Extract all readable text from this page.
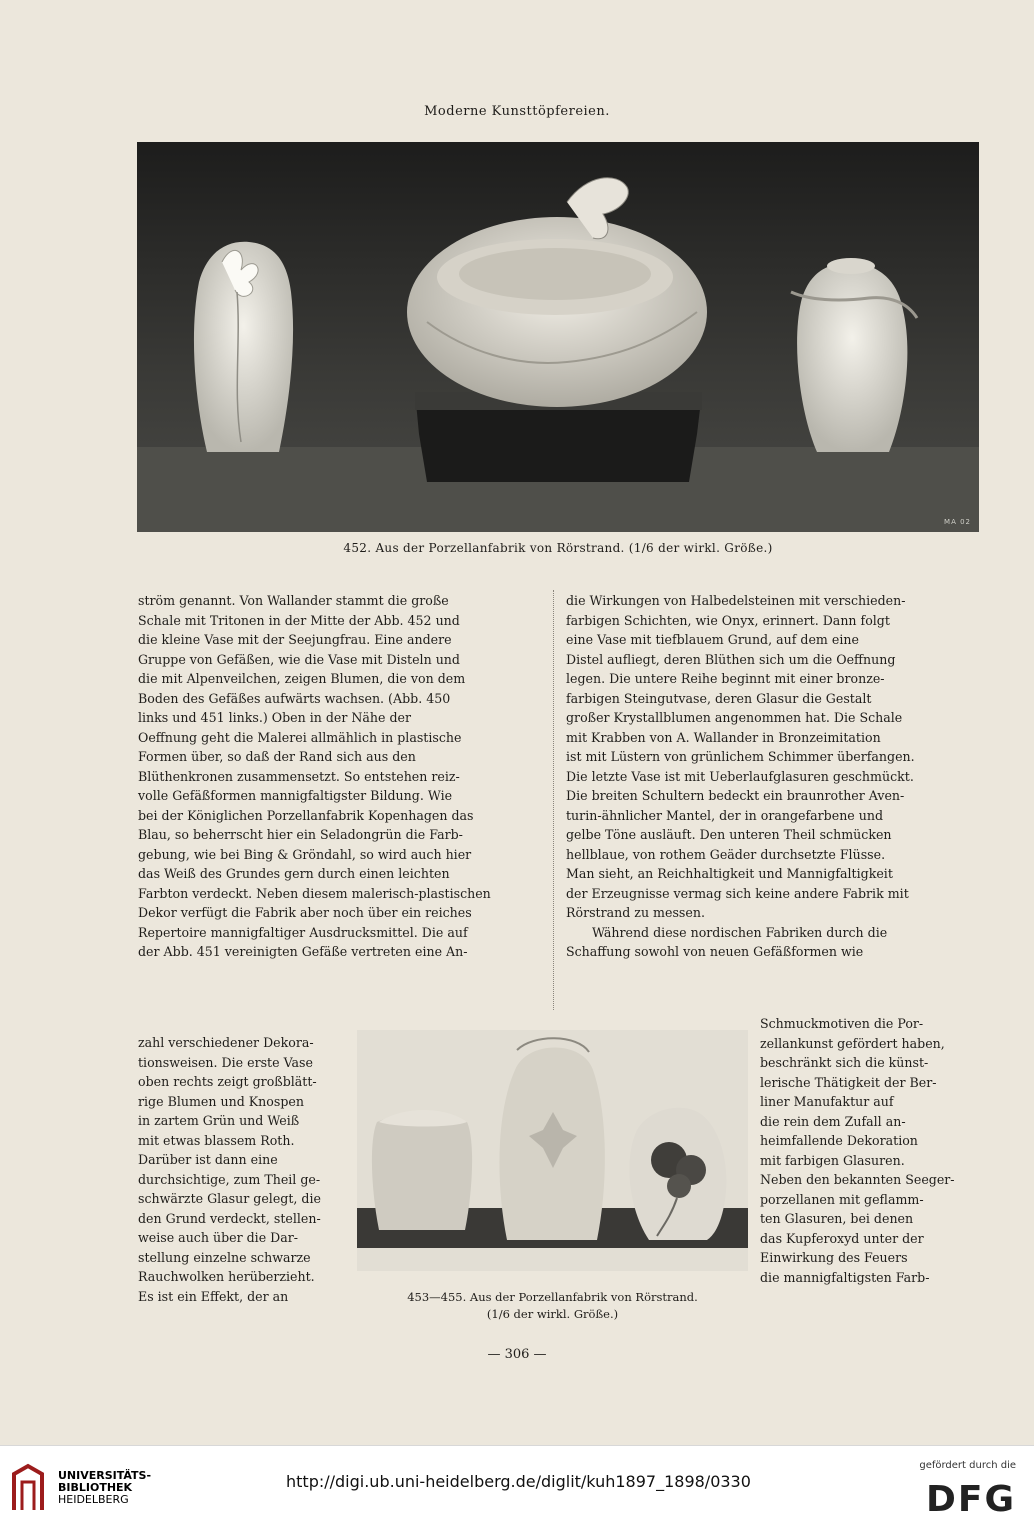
Moderne Kunsttöpfereien.
MA 02
452. Aus der Porzellanfabrik von Rörstrand. (1/6 der wirkl. Größe.)
ström genannt. Von Wallander stammt die große
Schale mit Tritonen in der Mitte der Abb. 452 und
die kleine Vase mit der Seejungfrau. Eine andere
Gruppe von Gefäßen, wie die Vase mit Disteln und
die mit Alpenveilchen, zeigen Blumen, die von dem
Boden des Gefäßes aufwärts wachsen. (Abb. 450
links und 451 links.) Oben in der Nähe der
Oeffnung geht die Malerei allmählich in plastische
Formen über, so daß der Rand sich aus den
Blüthenkronen zusammensetzt. So entstehen reiz-
volle Gefäßformen mannigfaltigster Bildung. Wie
bei der Königlichen Porzellanfabrik Kopenhagen das
Blau, so beherrscht hier ein Seladongrün die Farb-
gebung, wie bei Bing & Gröndahl, so wird auch hier
das Weiß des Grundes gern durch einen leichten
Farbton verdeckt. Neben diesem malerisch-plastischen
Dekor verfügt die Fabrik aber noch über ein reiches
Repertoire mannigfaltiger Ausdrucksmittel. Die auf
der Abb. 451 vereinigten Gefäße vertreten eine An-
die Wirkungen von Halbedelsteinen mit verschieden-
farbigen Schichten, wie Onyx, erinnert. Dann folgt
eine Vase mit tiefblauem Grund, auf dem eine
Distel aufliegt, deren Blüthen sich um die Oeffnung
legen. Die untere Reihe beginnt mit einer bronze-
farbigen Steingutvase, deren Glasur die Gestalt
großer Krystallblumen angenommen hat. Die Schale
mit Krabben von A. Wallander in Bronzeimitation
ist mit Lüstern von grünlichem Schimmer überfangen.
Die letzte Vase ist mit Ueberlaufglasuren geschmückt.
Die breiten Schultern bedeckt ein braunrother Aven-
turin-ähnlicher Mantel, der in orangefarbene und
gelbe Töne ausläuft. Den unteren Theil schmücken
hellblaue, von rothem Geäder durchsetzte Flüsse.
Man sieht, an Reichhaltigkeit und Mannigfaltigkeit
der Erzeugnisse vermag sich keine andere Fabrik mit
Rörstrand zu messen.
Während diese nordischen Fabriken durch die
Schaffung sowohl von neuen Gefäßformen wie
zahl verschiedener Dekora-
tionsweisen. Die erste Vase
oben rechts zeigt großblätt-
rige Blumen und Knospen
in zartem Grün und Weiß
mit etwas blassem Roth.
Darüber ist dann eine
durchsichtige, zum Theil ge-
schwärzte Glasur gelegt, die
den Grund verdeckt, stellen-
weise auch über die Dar-
stellung einzelne schwarze
Rauchwolken herüberzieht.
Es ist ein Effekt, der an
Schmuckmotiven die Por-
zellankunst gefördert haben,
beschränkt sich die künst-
lerische Thätigkeit der Ber-
liner Manufaktur auf
die rein dem Zufall an-
heimfallende Dekoration
mit farbigen Glasuren.
Neben den bekannten Seeger-
porzellanen mit geflamm-
ten Glasuren, bei denen
das Kupferoxyd unter der
Einwirkung des Feuers
die mannigfaltigsten Farb-
453—455. Aus der Porzellanfabrik von Rörstrand.
(1/6 der wirkl. Größe.)
— 306 —
UNIVERSITÄTS-
BIBLIOTHEK
HEIDELBERG
http://digi.ub.uni-heidelberg.de/diglit/kuh1897_1898/0330
gefördert durch die
DFG
